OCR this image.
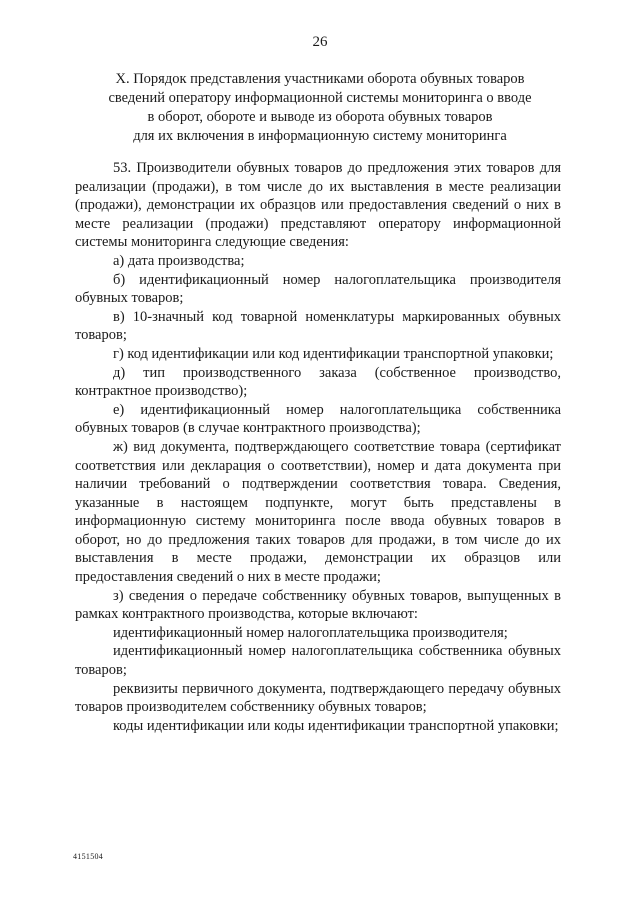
26
X. Порядок представления участниками оборота обувных товаров
сведений оператору информационной системы мониторинга о вводе
в оборот, обороте и выводе из оборота обувных товаров
для их включения в информационную систему мониторинга

53. Производители обувных товаров до предложения этих товаров для реализации (продажи), в том числе до их выставления в месте реализации (продажи), демонстрации их образцов или предоставления сведений о них в месте реализации (продажи) представляют оператору информационной системы мониторинга следующие сведения:

а) дата производства;

б) идентификационный номер налогоплательщика производителя обувных товаров;

в) 10-значный код товарной номенклатуры маркированных обувных товаров;

г) код идентификации или код идентификации транспортной упаковки;

д) тип производственного заказа (собственное производство, контрактное производство);

е) идентификационный номер налогоплательщика собственника обувных товаров (в случае контрактного производства);

ж) вид документа, подтверждающего соответствие товара (сертификат соответствия или декларация о соответствии), номер и дата документа при наличии требований о подтверждении соответствия товара. Сведения, указанные в настоящем подпункте, могут быть представлены в информационную систему мониторинга после ввода обувных товаров в оборот, но до предложения таких товаров для продажи, в том числе до их выставления в месте продажи, демонстрации их образцов или предоставления сведений о них в месте продажи;

з) сведения о передаче собственнику обувных товаров, выпущенных в рамках контрактного производства, которые включают:

идентификационный номер налогоплательщика производителя;

идентификационный номер налогоплательщика собственника обувных товаров;

реквизиты первичного документа, подтверждающего передачу обувных товаров производителем собственнику обувных товаров;

коды идентификации или коды идентификации транспортной упаковки;

4151504
